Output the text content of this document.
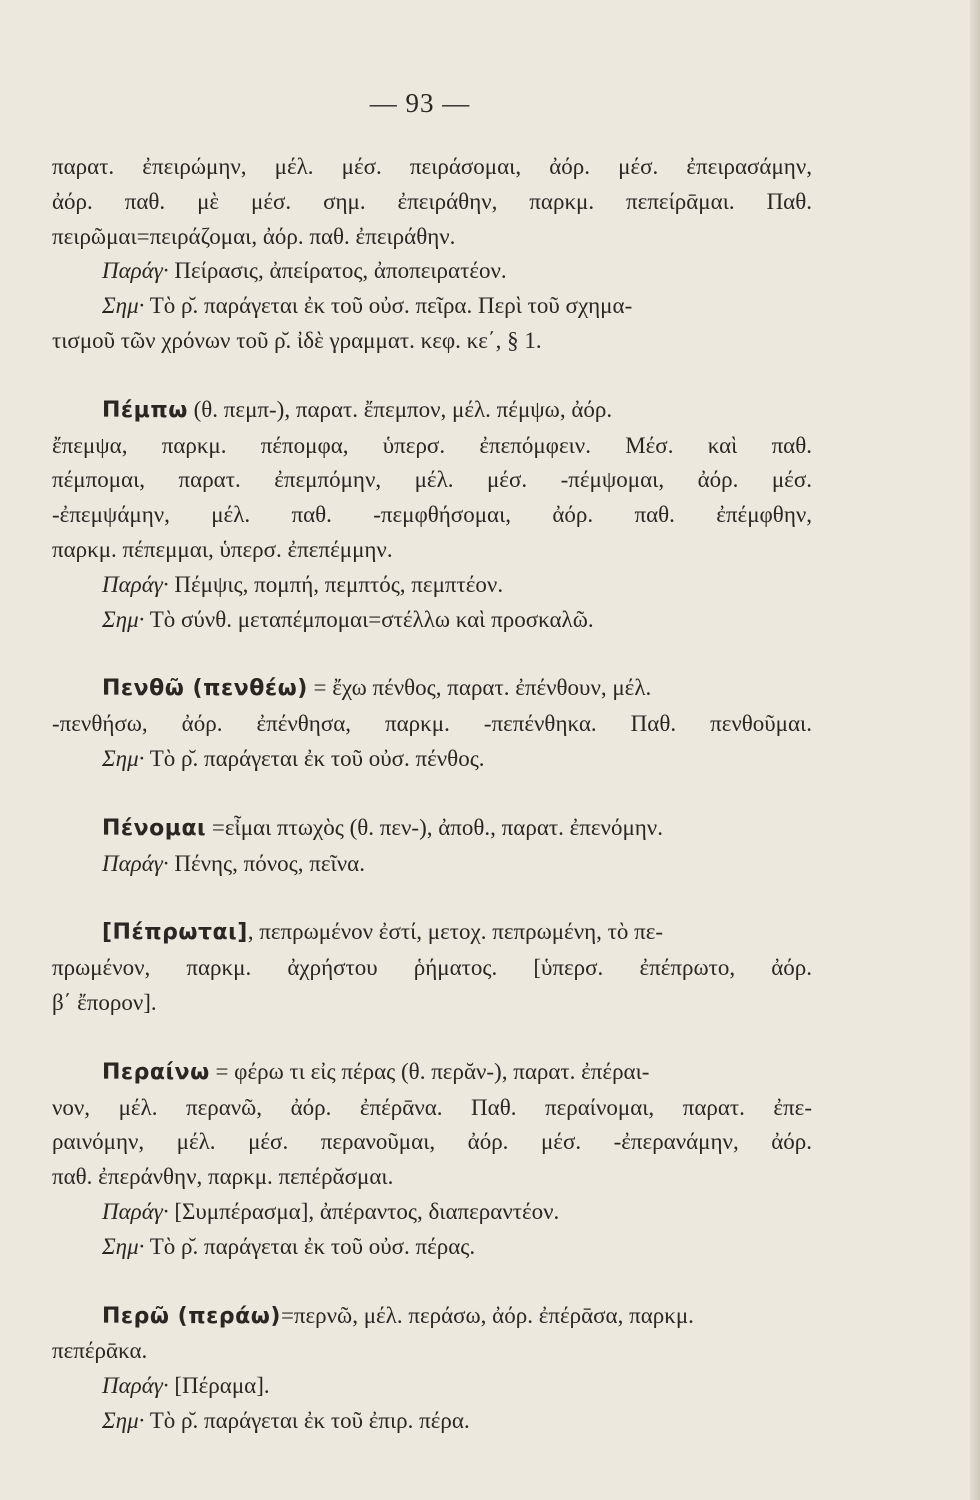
— 93 —
παρατ. ἐπειρώμην, μέλ. μέσ. πειράσομαι, ἀόρ. μέσ. ἐπειρασάμην,
ἀόρ. παθ. μὲ μέσ. σημ. ἐπειράθην, παρκμ. πεπείρᾱμαι. Παθ.
πειρῶμαι=πειράζομαι, ἀόρ. παθ. ἐπειράθην.
Παράγ· Πείρασις, ἀπείρατος, ἀποπειρατέον.
Σημ· Τὸ ρ̆. παράγεται ἐκ τοῦ οὐσ. πεῖρα. Περὶ τοῦ σχημα-
τισμοῦ τῶν χρόνων τοῦ ρ̆. ἰδὲ γραμματ. κεφ. κε΄, § 1.
Πέμπω (θ. πεμπ-), παρατ. ἔπεμπον, μέλ. πέμψω, ἀόρ.
ἔπεμψα, παρκμ. πέπομφα, ὑπερσ. ἐπεπόμφειν. Μέσ. καὶ παθ.
πέμπομαι, παρατ. ἐπεμπόμην, μέλ. μέσ. -πέμψομαι, ἀόρ. μέσ.
-ἐπεμψάμην, μέλ. παθ. -πεμφθήσομαι, ἀόρ. παθ. ἐπέμφθην,
παρκμ. πέπεμμαι, ὑπερσ. ἐπεπέμμην.
Παράγ· Πέμψις, πομπή, πεμπτός, πεμπτέον.
Σημ· Τὸ σύνθ. μεταπέμπομαι=στέλλω καὶ προσκαλῶ.
Πενθῶ (πενθέω) = ἔχω πένθος, παρατ. ἐπένθουν, μέλ.
-πενθήσω, ἀόρ. ἐπένθησα, παρκμ. -πεπένθηκα. Παθ. πενθοῦμαι.
Σημ· Τὸ ρ̆. παράγεται ἐκ τοῦ οὐσ. πένθος.
Πένομαι =εἶμαι πτωχὸς (θ. πεν-), ἀποθ., παρατ. ἐπενόμην.
Παράγ· Πένης, πόνος, πεῖνα.
[Πέπρωται], πεπρωμένον ἐστί, μετοχ. πεπρωμένη, τὸ πε-
πρωμένον, παρκμ. ἀχρήστου ῥήματος. [ὑπερσ. ἐπέπρωτο, ἀόρ.
β΄ ἔπορον].
Περαίνω = φέρω τι εἰς πέρας (θ. περᾰν-), παρατ. ἐπέραι-
νον, μέλ. περανῶ, ἀόρ. ἐπέρᾱνα. Παθ. περαίνομαι, παρατ. ἐπε-
ραινόμην, μέλ. μέσ. περανοῦμαι, ἀόρ. μέσ. -ἐπερανάμην, ἀόρ.
παθ. ἐπεράνθην, παρκμ. πεπέρᾰσμαι.
Παράγ· [Συμπέρασμα], ἀπέραντος, διαπεραντέον.
Σημ· Τὸ ρ̆. παράγεται ἐκ τοῦ οὐσ. πέρας.
Περῶ (περάω)=περνῶ, μέλ. περάσω, ἀόρ. ἐπέρᾱσα, παρκμ.
πεπέρᾱκα.
Παράγ· [Πέραμα].
Σημ· Τὸ ρ̆. παράγεται ἐκ τοῦ ἐπιρ. πέρα.
